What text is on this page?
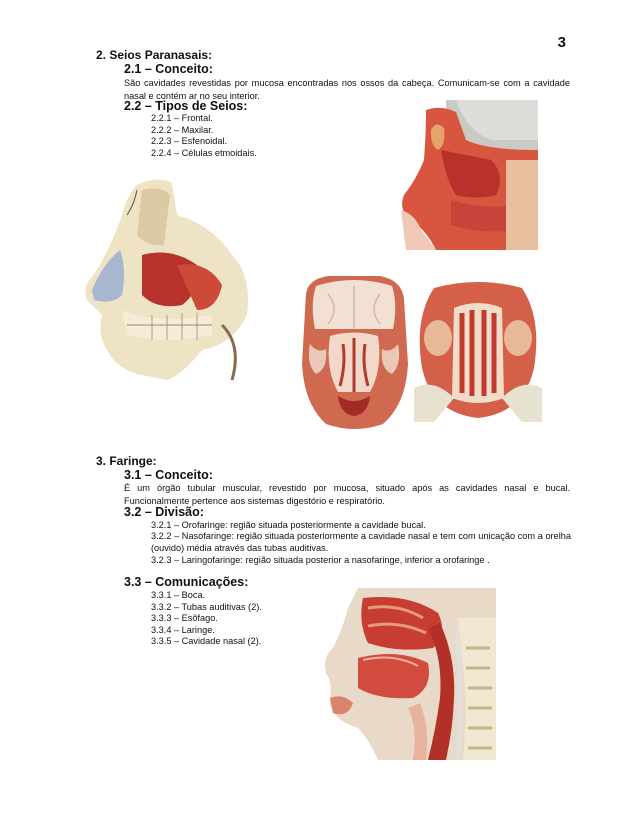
3
2. Seios Paranasais:
2.1 – Conceito:
São cavidades revestidas por mucosa encontradas nos ossos da cabeça. Comunicam-se com a cavidade nasal e contém ar no seu interior.
2.2 – Tipos de Seios:
2.2.1 – Frontal.
2.2.2 – Maxilar.
2.2.3 – Esfenoidal.
2.2.4 – Células etmoidais.
3. Faringe:
3.1 – Conceito:
É um órgão tubular muscular, revestido por mucosa, situado após as cavidades nasal e bucal. Funcionalmente pertence aos sistemas digestório e respiratório.
3.2 – Divisão:
3.2.1 – Orofaringe: região situada posteriormente a cavidade bucal.
3.2.2 – Nasofaringe: região situada posteriormente a cavidade nasal e tem com unicação com a orelha (ouvido) média através das tubas auditivas.
3.2.3 – Laringofaringe: região situada posterior a nasofaringe, inferior a orofaringe .
3.3 – Comunicações:
3.3.1 – Boca.
3.3.2 – Tubas auditivas (2).
3.3.3 – Esôfago.
3.3.4 – Laringe.
3.3.5 – Cavidade nasal (2).
